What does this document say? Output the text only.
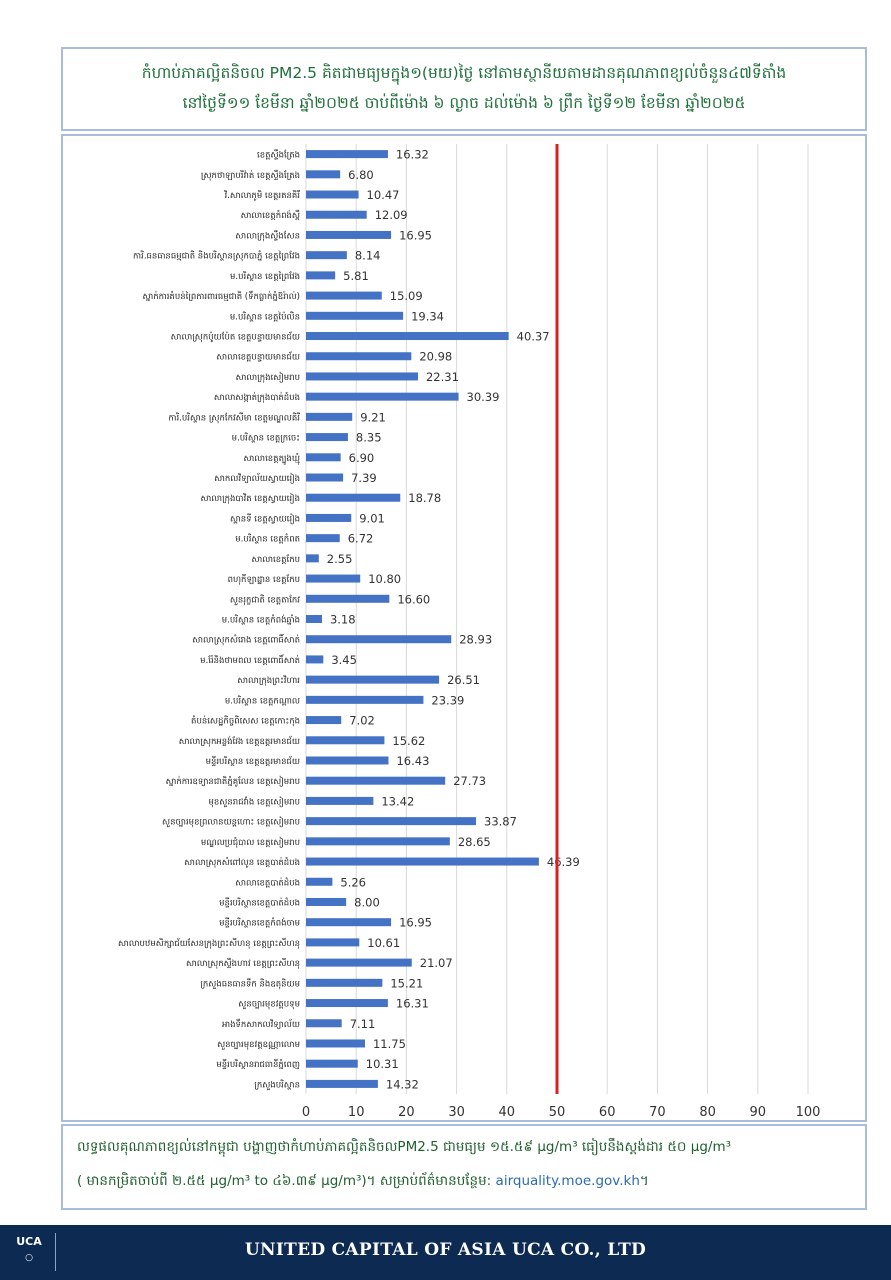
កំហាប់ភាគល្អិតនិចល PM2.5 គិតជាមធ្យមក្នុង១(មយ)ថ្ងៃ នៅតាមស្ថានីយតាមដានគុណភាពខ្យល់ចំនួន៤៧ទីតាំង
នៅថ្ងៃទី១១ ខែមីនា ឆ្នាំ២០២៥ ចាប់ពីម៉ោង ៦ ល្ងាច ដល់ម៉ោង ៦ ព្រឹក ថ្ងៃទី១២ ខែមីនា ឆ្នាំ២០២៥
0	10	20	30	40	50	60	70	80	90 100
ខេត្តស្ទឹងត្រែង	16.32
ស្រុកថាឡាបរិវ៉ាត់ ខេត្តស្ទឹងត្រែង	6.80
វិ.សាលាភូមិ ខេត្តរតនគិរី	10.47
សាលាខេត្តកំពង់ស្ពឺ	12.09
សាលាក្រុងស្ទឹងសែន	16.95
ការិ.ធនធានធម្មជាតិ និងបរិស្ថានស្រុកបាភ្នំ ខេត្តព្រៃវែង	8.14
ម.បរិស្ថាន ខេត្តព្រៃវែង	5.81
ស្នាក់ការតំបន់ព្រៃការពារធម្មជាតិ (ទឹកធ្លាក់ភ្នំឱរ៉ាល់)	15.09
ម.បរិស្ថាន ខេត្តប៉ៃលិន	19.34
សាលាស្រុកប៉ូយប៉ែត ខេត្តបន្ទាយមានជ័យ	40.37
សាលាខេត្តបន្ទាយមានជ័យ	20.98
សាលាក្រុងសៀមរាប	22.31
សាលាសង្កាត់ក្រុងបាត់ដំបង	30.39
ការិ.បរិស្ថាន ស្រុកកែវសីមា ខេត្តមណ្ឌលគិរី	9.21
ម.បរិស្ថាន ខេត្តក្រចេះ	8.35
សាលាខេត្តត្បូងឃ្មុំ	6.90
សាកលវិទ្យាល័យស្វាយរៀង	7.39
សាលាក្រុងបាវិត ខេត្តស្វាយរៀង	18.78
ស្ពានទី ខេត្តស្វាយរៀង	9.01
ម.បរិស្ថាន ខេត្តកំពត	6.72
សាលាខេត្តកែប 2.55
ពហុកីឡាដ្ឋាន ខេត្តកែប	10.80
សួនរុក្ខជាតិ ខេត្តតាកែវ	16.60
ម.បរិស្ថាន ខេត្តកំពង់ឆ្នាំង	3.18
សាលាស្រុកសំរោង ខេត្តពោធិ៍សាត់	28.93
ម.រ៉ែនិងថាមពល ខេត្តពោធិ៍សាត់	3.45
សាលាក្រុងព្រះវិហារ	26.51
ម.បរិស្ថាន ខេត្តកណ្តាល	23.39
តំបន់សេដ្ឋកិច្ចពិសេស ខេត្តកោះកុង	7.02
សាលាស្រុកអន្លង់វែង ខេត្តឧត្តរមានជ័យ	15.62
មន្ទីរបរិស្ថាន ខេត្តឧត្តរមានជ័យ	16.43
ស្នាក់ការឧទ្យានជាតិភ្នំគូលែន ខេត្តសៀមរាប	27.73
មុខសួនរាជវាំង ខេត្តសៀមរាប	13.42
សួនច្បារមុខព្រលានយន្តហោះ ខេត្តសៀមរាប	33.87
មណ្ឌលប្រជុំបាល ខេត្តសៀមរាប	28.65
សាលាស្រុកសំពៅលូន ខេត្តបាត់ដំបង	46.39
សាលាខេត្តបាត់ដំបង	5.26
មន្ទីរបរិស្ថានខេត្តបាត់ដំបង	8.00
មន្ទីរបរិស្ថានខេត្តកំពង់ចាម	16.95
សាលាបឋមសិក្សាជ័យសែនក្រុងព្រះសីហនុ ខេត្តព្រះសីហនុ	10.61
សាលាស្រុកស្ទឹងហាវ ខេត្តព្រះសីហនុ	21.07
ក្រសួងធនធានទឹក និងឧតុនិយម	15.21
សួនច្បារមុខវត្តបទុម	16.31
អាងទឹកសាកលវិទ្យាល័យ	7.11
សួនច្បារមុខវត្តឧណ្ណាលោម	11.75
មន្ទីរបរិស្ថានរាជធានីភ្នំពេញ	10.31
ក្រសួងបរិស្ថាន	14.32
លទ្ធផលគុណភាពខ្យល់នៅកម្ពុជា បង្ហាញថាកំហាប់ភាគល្អិតនិចលPM2.5 ជាមធ្យម ១៥.៥៩ µg/m³ ធៀបនឹងស្តង់ដារ ៥០ µg/m³
( មានកម្រិតចាប់ពី ២.៥៥ µg/m³ to ៤៦.៣៩ µg/m³)។ សម្រាប់ព័ត៌មានបន្ថែម: airquality.moe.gov.kh។
UCA
○	UNITED CAPITAL OF ASIA UCA CO., LTD
